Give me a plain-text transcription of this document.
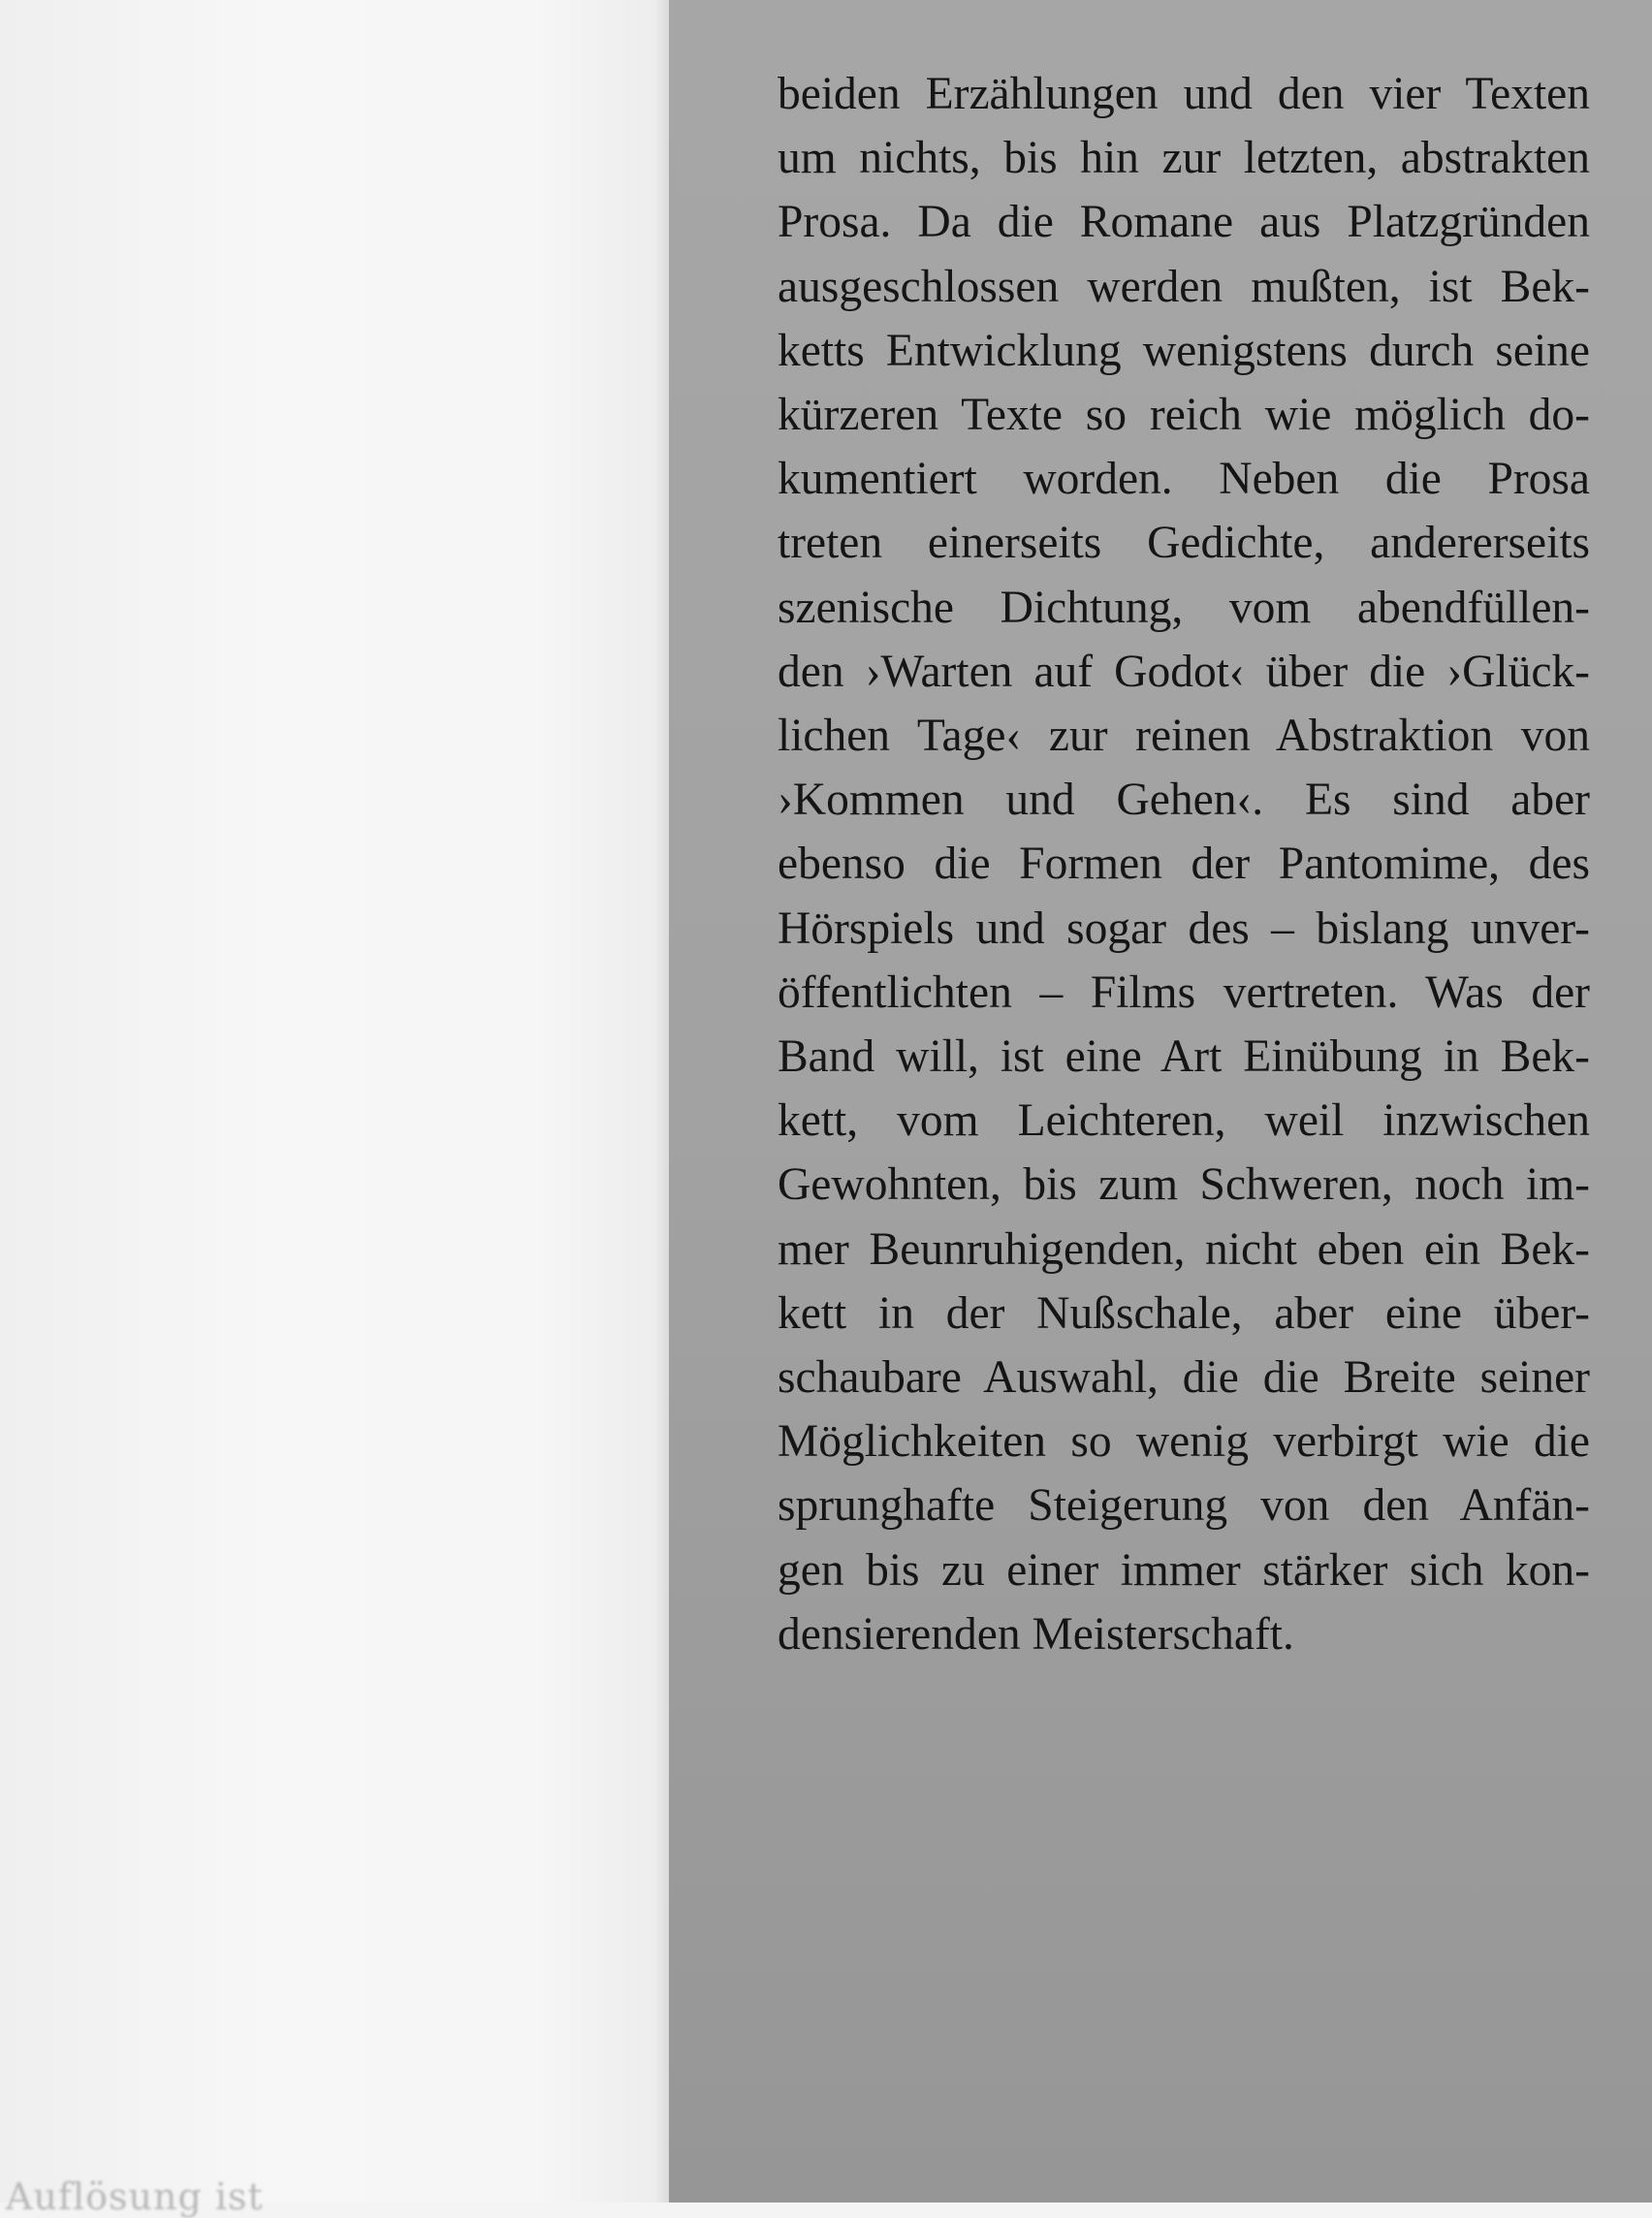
Auflösung ist
beiden Erzählungen und den vier Texten
um nichts, bis hin zur letzten, abstrakten
Prosa. Da die Romane aus Platzgründen
ausgeschlossen werden mußten, ist Bek-
ketts Entwicklung wenigstens durch seine
kürzeren Texte so reich wie möglich do-
kumentiert worden. Neben die Prosa
treten einerseits Gedichte, andererseits
szenische Dichtung, vom abendfüllen-
den ›Warten auf Godot‹ über die ›Glück-
lichen Tage‹ zur reinen Abstraktion von
›Kommen und Gehen‹. Es sind aber
ebenso die Formen der Pantomime, des
Hörspiels und sogar des – bislang unver-
öffentlichten – Films vertreten. Was der
Band will, ist eine Art Einübung in Bek-
kett, vom Leichteren, weil inzwischen
Gewohnten, bis zum Schweren, noch im-
mer Beunruhigenden, nicht eben ein Bek-
kett in der Nußschale, aber eine über-
schaubare Auswahl, die die Breite seiner
Möglichkeiten so wenig verbirgt wie die
sprunghafte Steigerung von den Anfän-
gen bis zu einer immer stärker sich kon-
densierenden Meisterschaft.
